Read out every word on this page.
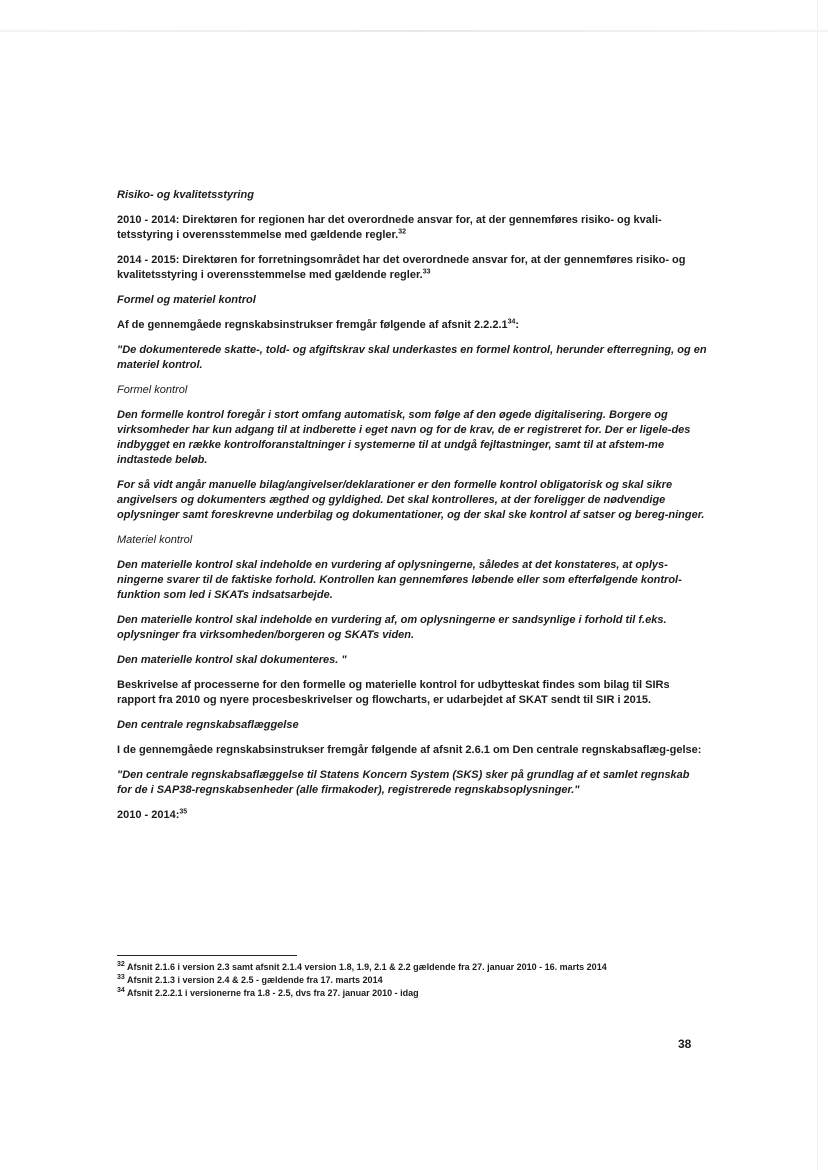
Risiko- og kvalitetsstyring

2010 - 2014: Direktøren for regionen har det overordnede ansvar for, at der gennemføres risiko- og kvali-tetsstyring i overensstemmelse med gældende regler.$^{32}$

2014 - 2015: Direktøren for forretningsområdet har det overordnede ansvar for, at der gennemføres risiko- og kvalitetsstyring i overensstemmelse med gældende regler.$^{33}$

Formel og materiel kontrol

Af de gennemgåede regnskabsinstrukser fremgår følgende af afsnit 2.2.2.1$^{34}$:

"De dokumenterede skatte-, told- og afgiftskrav skal underkastes en formel kontrol, herunder efterregning, og en materiel kontrol.

Formel kontrol

Den formelle kontrol foregår i stort omfang automatisk, som følge af den øgede digitalisering. Borgere og virksomheder har kun adgang til at indberette i eget navn og for de krav, de er registreret for. Der er ligele-des indbygget en række kontrolforanstaltninger i systemerne til at undgå fejltastninger, samt til at afstem-me indtastede beløb.

For så vidt angår manuelle bilag/angivelser/deklarationer er den formelle kontrol obligatorisk og skal sikre angivelsers og dokumenters ægthed og gyldighed. Det skal kontrolleres, at der foreligger de nødvendige oplysninger samt foreskrevne underbilag og dokumentationer, og der skal ske kontrol af satser og bereg-ninger.

Materiel kontrol

Den materielle kontrol skal indeholde en vurdering af oplysningerne, således at det konstateres, at oplys-ningerne svarer til de faktiske forhold. Kontrollen kan gennemføres løbende eller som efterfølgende kontrol-funktion som led i SKATs indsatsarbejde.

Den materielle kontrol skal indeholde en vurdering af, om oplysningerne er sandsynlige i forhold til f.eks. oplysninger fra virksomheden/borgeren og SKATs viden.

Den materielle kontrol skal dokumenteres. "

Beskrivelse af processerne for den formelle og materielle kontrol for udbytteskat findes som bilag til SIRs rapport fra 2010 og nyere procesbeskrivelser og flowcharts, er udarbejdet af SKAT sendt til SIR i 2015.

Den centrale regnskabsaflæggelse

I de gennemgåede regnskabsinstrukser fremgår følgende af afsnit 2.6.1 om Den centrale regnskabsaflæg-gelse:

"Den centrale regnskabsaflæggelse til Statens Koncern System (SKS) sker på grundlag af et samlet regnskab for de i SAP38-regnskabsenheder (alle firmakoder), registrerede regnskabsoplysninger."

2010 - 2014:$^{35}$

$^{32}$ Afsnit 2.1.6 i version 2.3 samt afsnit 2.1.4 version 1.8, 1.9, 2.1 & 2.2 gældende fra 27. januar 2010 - 16. marts 2014
$^{33}$ Afsnit 2.1.3 i version 2.4 & 2.5 - gældende fra 17. marts 2014
$^{34}$ Afsnit 2.2.2.1 i versionerne fra 1.8 - 2.5, dvs fra 27. januar 2010 - idag
38
